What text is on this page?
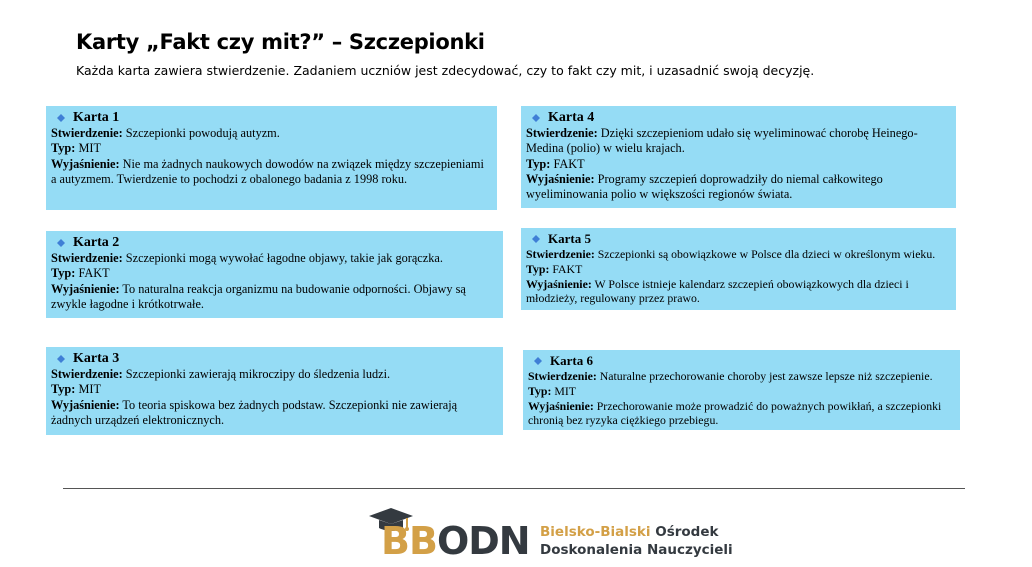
Karty „Fakt czy mit?” – Szczepionki
Każda karta zawiera stwierdzenie. Zadaniem uczniów jest zdecydować, czy to fakt czy mit, i uzasadnić swoją decyzję.
Karta 1
Stwierdzenie: Szczepionki powodują autyzm.
Typ: MIT
Wyjaśnienie: Nie ma żadnych naukowych dowodów na związek między szczepieniami a autyzmem. Twierdzenie to pochodzi z obalonego badania z 1998 roku.
Karta 2
Stwierdzenie: Szczepionki mogą wywołać łagodne objawy, takie jak gorączka.
Typ: FAKT
Wyjaśnienie: To naturalna reakcja organizmu na budowanie odporności. Objawy są zwykle łagodne i krótkotrwałe.
Karta 3
Stwierdzenie: Szczepionki zawierają mikroczipy do śledzenia ludzi.
Typ: MIT
Wyjaśnienie: To teoria spiskowa bez żadnych podstaw. Szczepionki nie zawierają żadnych urządzeń elektronicznych.
Karta 4
Stwierdzenie: Dzięki szczepieniom udało się wyeliminować chorobę Heinego-Medina (polio) w wielu krajach.
Typ: FAKT
Wyjaśnienie: Programy szczepień doprowadziły do niemal całkowitego wyeliminowania polio w większości regionów świata.
Karta 5
Stwierdzenie: Szczepionki są obowiązkowe w Polsce dla dzieci w określonym wieku.
Typ: FAKT
Wyjaśnienie: W Polsce istnieje kalendarz szczepień obowiązkowych dla dzieci i młodzieży, regulowany przez prawo.
Karta 6
Stwierdzenie: Naturalne przechorowanie choroby jest zawsze lepsze niż szczepienie.
Typ: MIT
Wyjaśnienie: Przechorowanie może prowadzić do poważnych powikłań, a szczepionki chronią bez ryzyka ciężkiego przebiegu.
BBODN Bielsko-Bialski Ośrodek
Doskonalenia Nauczycieli
